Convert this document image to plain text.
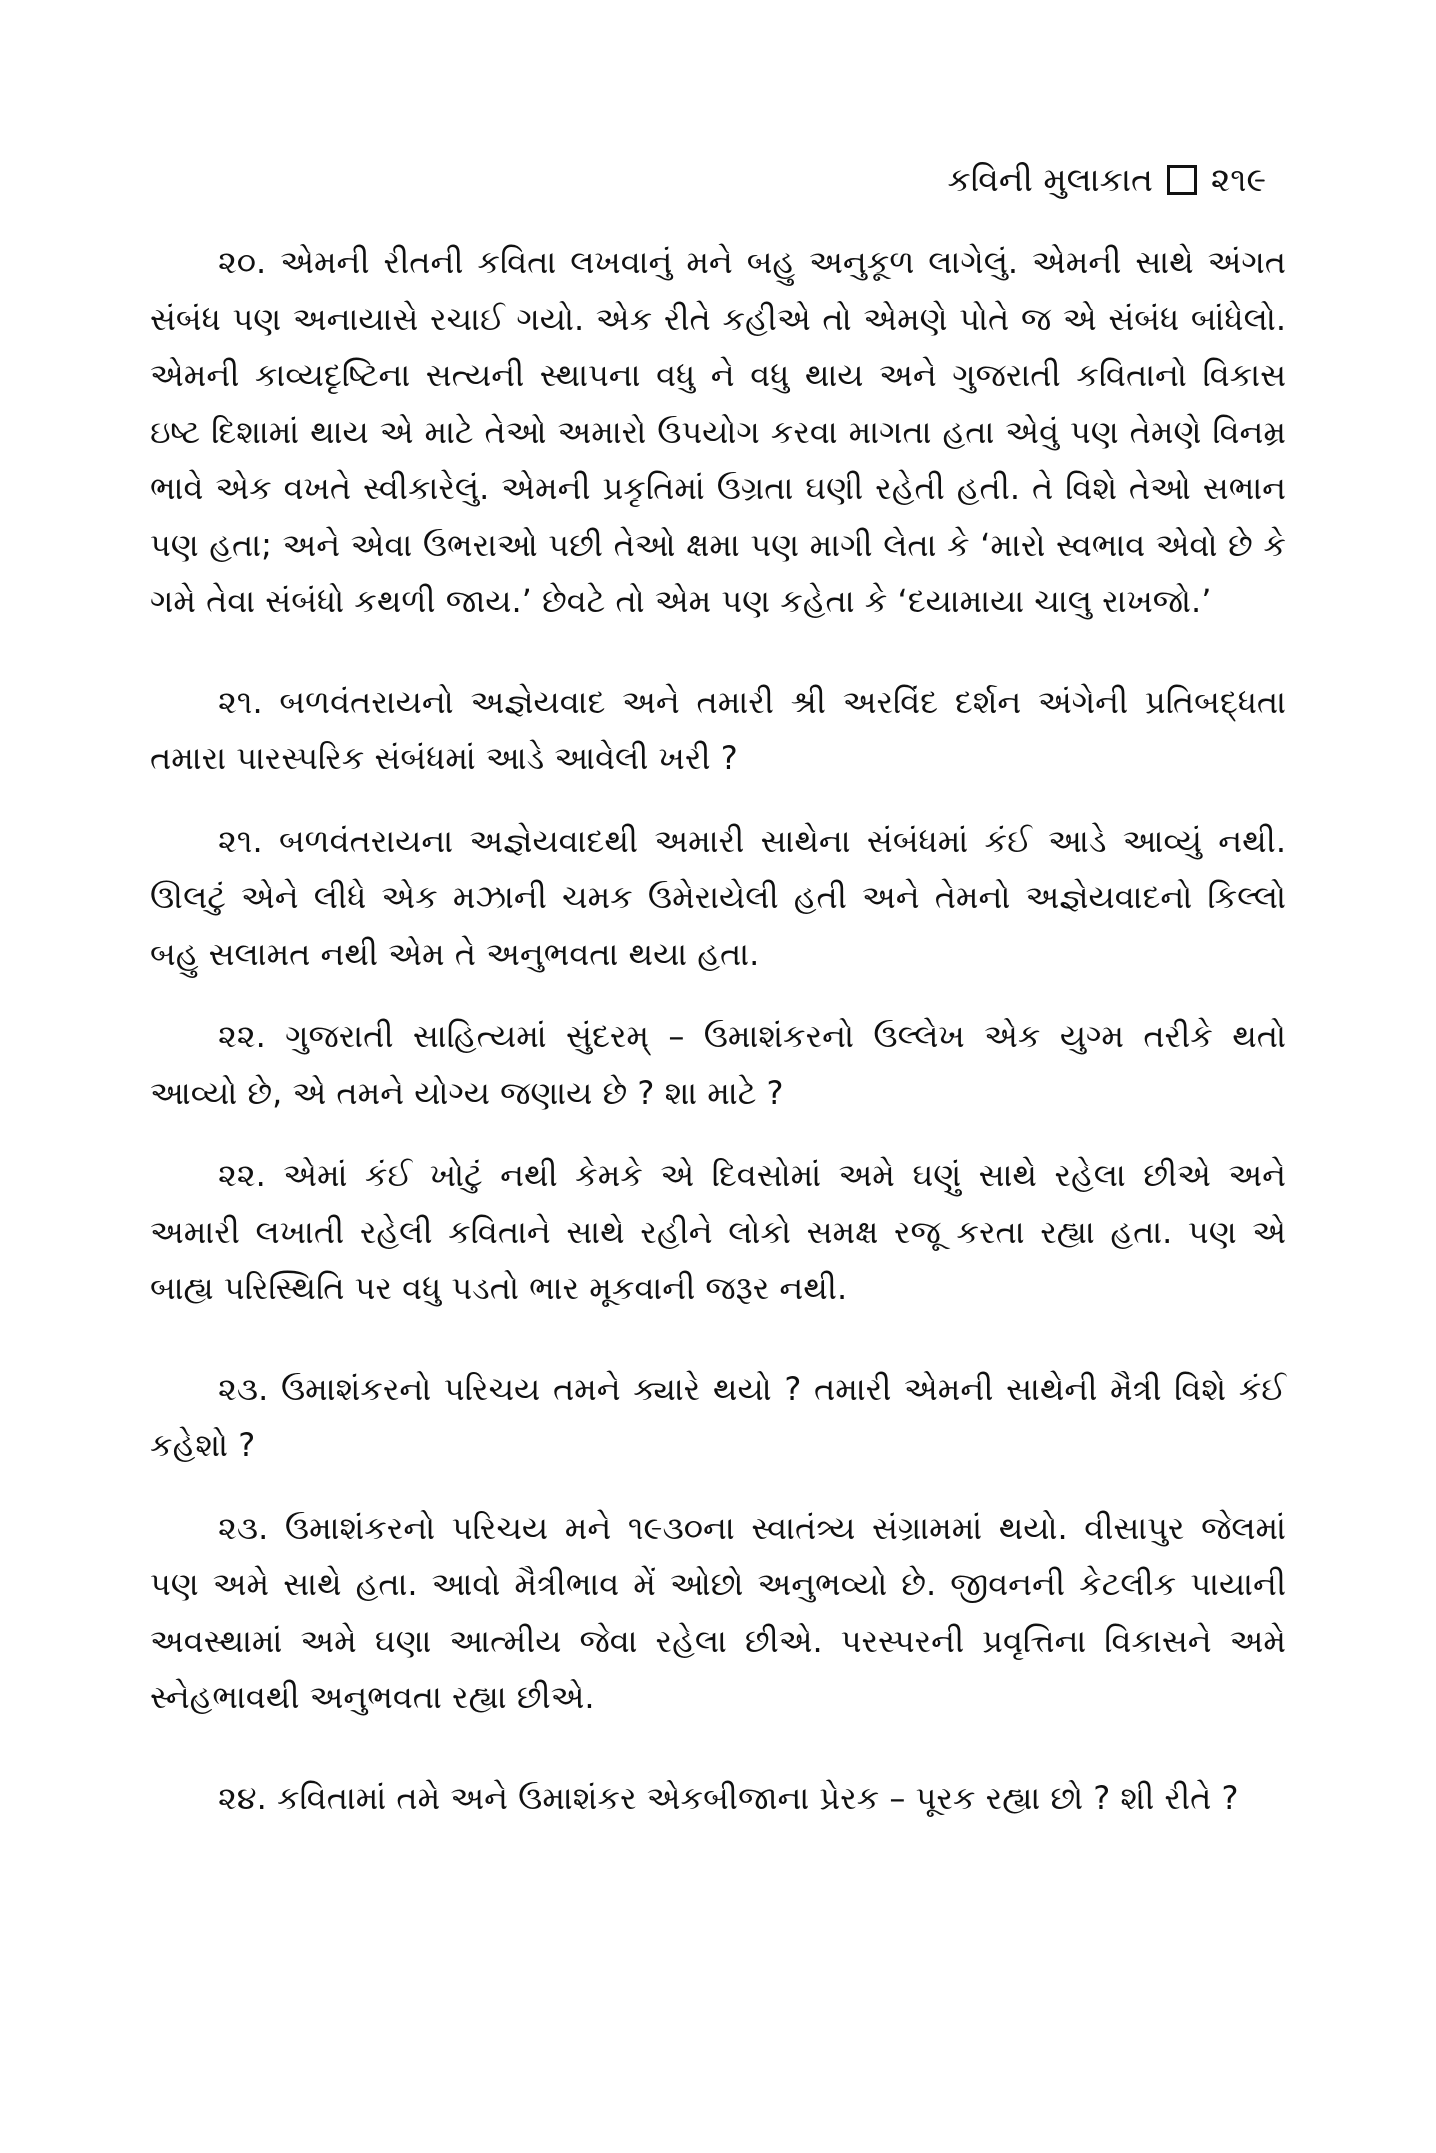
કવિની મુલાકાત ૨૧૯

૨૦. એમની રીતની કવિતા લખવાનું મને બહુ અનુકૂળ લાગેલું. એમની સાથે અંગત સંબંધ પણ અનાયાસે રચાઈ ગયો. એક રીતે કહીએ તો એમણે પોતે જ એ સંબંધ બાંધેલો. એમની કાવ્યદૃષ્ટિના સત્યની સ્થાપના વધુ ને વધુ થાય અને ગુજરાતી કવિતાનો વિકાસ ઇષ્ટ દિશામાં થાય એ માટે તેઓ અમારો ઉપયોગ કરવા માગતા હતા એવું પણ તેમણે વિનમ્ર ભાવે એક વખતે સ્વીકારેલું. એમની પ્રકૃતિમાં ઉગ્રતા ઘણી રહેતી હતી. તે વિશે તેઓ સભાન પણ હતા; અને એવા ઉભરાઓ પછી તેઓ ક્ષમા પણ માગી લેતા કે ‘મારો સ્વભાવ એવો છે કે ગમે તેવા સંબંધો કથળી જાય.’ છેવટે તો એમ પણ કહેતા કે ‘દયામાયા ચાલુ રાખજો.’

૨૧. બળવંતરાયનો અજ્ઞેયવાદ અને તમારી શ્રી અરવિંદ દર્શન અંગેની પ્રતિબદ્ધતા તમારા પારસ્પરિક સંબંધમાં આડે આવેલી ખરી ?

૨૧. બળવંતરાયના અજ્ઞેયવાદથી અમારી સાથેના સંબંધમાં કંઈ આડે આવ્યું નથી. ઊલટું એને લીધે એક મઝાની ચમક ઉમેરાયેલી હતી અને તેમનો અજ્ઞેયવાદનો કિલ્લો બહુ સલામત નથી એમ તે અનુભવતા થયા હતા.

૨૨. ગુજરાતી સાહિત્યમાં સુંદરમ્ – ઉમાશંકરનો ઉલ્લેખ એક યુગ્મ તરીકે થતો આવ્યો છે, એ તમને યોગ્ય જણાય છે ? શા માટે ?

૨૨. એમાં કંઈ ખોટું નથી કેમકે એ દિવસોમાં અમે ઘણું સાથે રહેલા છીએ અને અમારી લખાતી રહેલી કવિતાને સાથે રહીને લોકો સમક્ષ રજૂ કરતા રહ્યા હતા. પણ એ બાહ્ય પરિસ્થિતિ પર વધુ પડતો ભાર મૂકવાની જરૂર નથી.

૨૩. ઉમાશંકરનો પરિચય તમને ક્યારે થયો ? તમારી એમની સાથેની મૈત્રી વિશે કંઈ કહેશો ?

૨૩. ઉમાશંકરનો પરિચય મને ૧૯૩૦ના સ્વાતંત્ર્ય સંગ્રામમાં થયો. વીસાપુર જેલમાં પણ અમે સાથે હતા. આવો મૈત્રીભાવ મેં ઓછો અનુભવ્યો છે. જીવનની કેટલીક પાયાની અવસ્થામાં અમે ઘણા આત્મીય જેવા રહેલા છીએ. પરસ્પરની પ્રવૃત્તિના વિકાસને અમે સ્નેહભાવથી અનુભવતા રહ્યા છીએ.

૨૪. કવિતામાં તમે અને ઉમાશંકર એકબીજાના પ્રેરક – પૂરક રહ્યા છો ? શી રીતે ?
